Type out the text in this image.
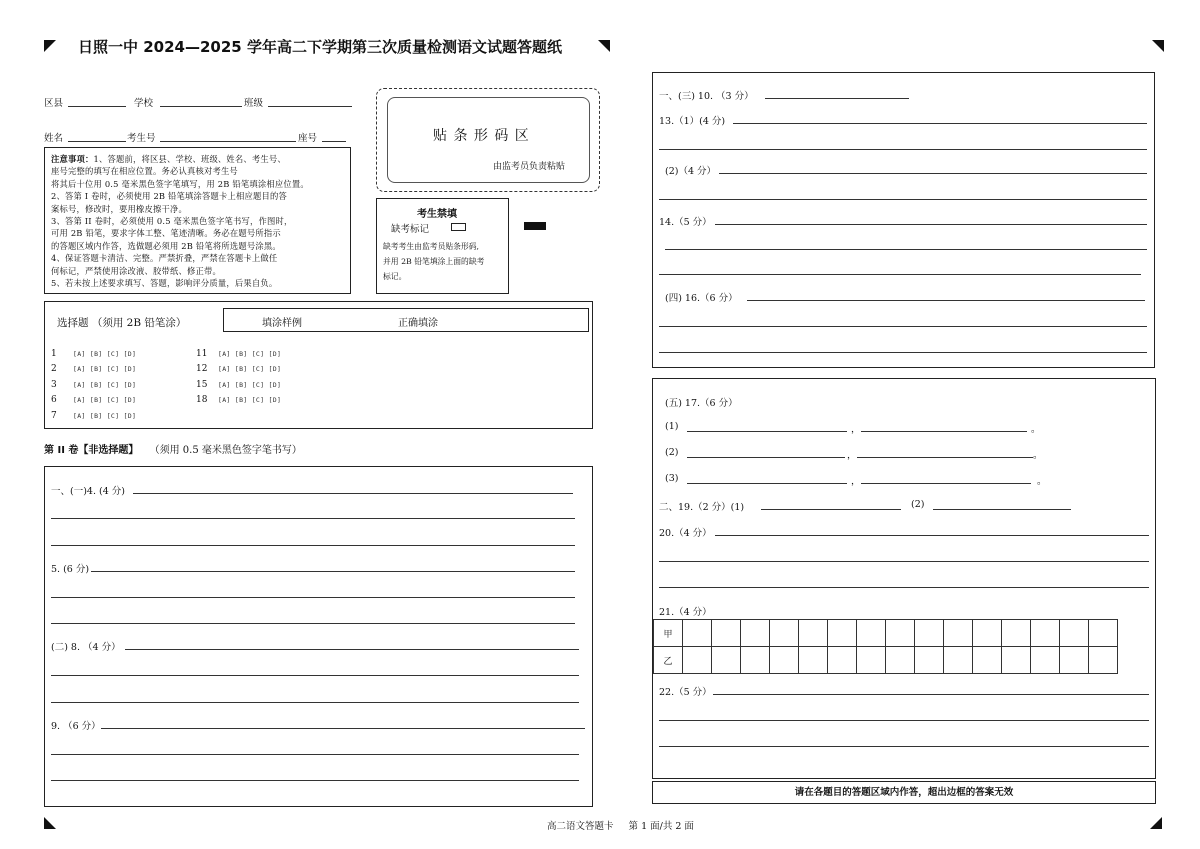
日照一中 2024—2025 学年高二下学期第三次质量检测语文试题答题纸
区县	学校	班级
姓名	考生号	座号
注意事项：1、答题前，将区县、学校、班级、姓名、考生号、
座号完整的填写在相应位置。务必认真核对考生号
将其后十位用 0.5 毫米黑色签字笔填写，用 2B 铅笔填涂相应位置。
2、答第 I 卷时，必须使用 2B 铅笔填涂答题卡上相应题目的答
案标号，修改时，要用橡皮擦干净。
3、答第 II 卷时，必须使用 0.5 毫米黑色签字笔书写，作图时，
可用 2B 铅笔，要求字体工整、笔迹清晰。务必在题号所指示
的答题区域内作答，选做题必须用 2B 铅笔将所选题号涂黑。
4、保证答题卡清洁、完整。严禁折叠，严禁在答题卡上做任
何标记，严禁使用涂改液、胶带纸、修正带。
5、若未按上述要求填写、答题，影响评分质量，后果自负。
贴 条 形 码 区
由监考员负责粘贴
考生禁填
缺考标记
缺考考生由监考员贴条形码,
并用 2B 铅笔填涂上面的缺考
标记。
选择题 （须用 2B 铅笔涂）	填涂样例	正确填涂
1	[A] [B] [C] [D]
2	[A] [B] [C] [D]
3	[A] [B] [C] [D]
6	[A] [B] [C] [D]
7	[A] [B] [C] [D]
11	[A] [B] [C] [D]
12	[A] [B] [C] [D]
15	[A] [B] [C] [D]
18	[A] [B] [C] [D]
第 II 卷【非选择题】 （须用 0.5 毫米黑色签字笔书写）
一、(一)4. (4 分)
5. (6 分)
(二) 8. （4 分）
9. （6 分）
一、(三) 10. （3 分）
13.（1）(4 分)
(2)（4 分）
14.（5 分）
(四) 16.（6 分）
(五) 17.（6 分）
(1)	，	。
(2)	，	。
(3)	，	。
二、19.（2 分）(1)	(2)
20.（4 分）
21.（4 分）
甲															
乙															
22.（5 分）
请在各题目的答题区域内作答，超出边框的答案无效
高二语文答题卡 第 1 面/共 2 面
